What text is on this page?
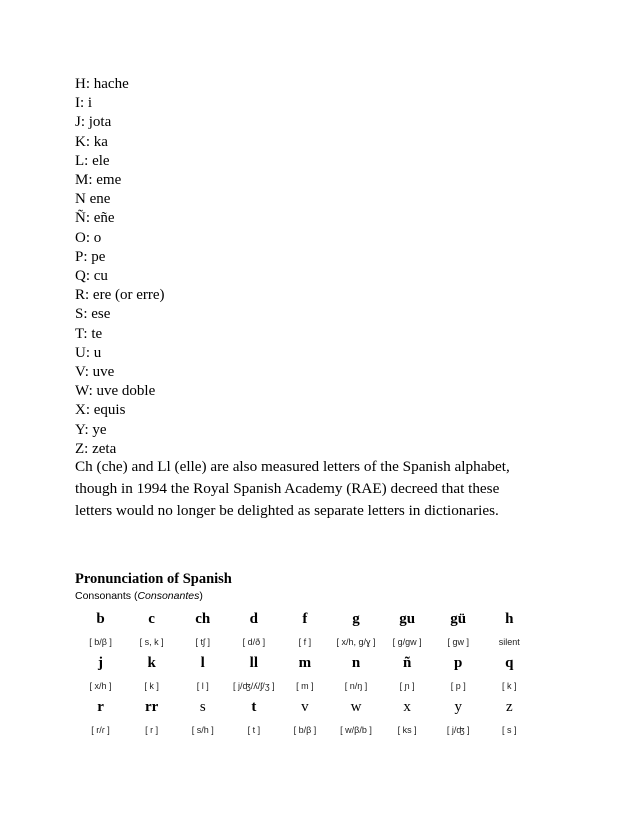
H: hache
I: i
J: jota
K: ka
L: ele
M: eme
N ene
Ñ: eñe
O: o
P: pe
Q: cu
R: ere (or erre)
S: ese
T: te
U: u
V: uve
W: uve doble
X: equis
Y: ye
Z: zeta
Ch (che) and Ll (elle) are also measured letters of the Spanish alphabet,
though in 1994 the Royal Spanish Academy (RAE) decreed that these
letters would no longer be delighted as separate letters in dictionaries.
Pronunciation of Spanish
Consonants (Consonantes)
b	c	ch	d	f	g	gu	gü	h
[ b/β ]	[ s, k ]	[ tʃ ]	[ d/ð ]	[ f ]	[ x/h, g/ɣ ]	[ g/gw ]	[ gw ]	silent
j	k	l	ll	m	n	ñ	p	q
[ x/h ]	[ k ]	[ l ]	[ j/ʤ/ʎ/ʃ/ʒ ]	[ m ]	[ n/ŋ ]	[ ɲ ]	[ p ]	[ k ]
r	rr	s	t	v	w	x	y	z
[ r/ɾ ]	[ r ]	[ s/h ]	[ t ]	[ b/β ]	[ w/β/b ]	[ ks ]	[ j/ʤ ]	[ s ]
